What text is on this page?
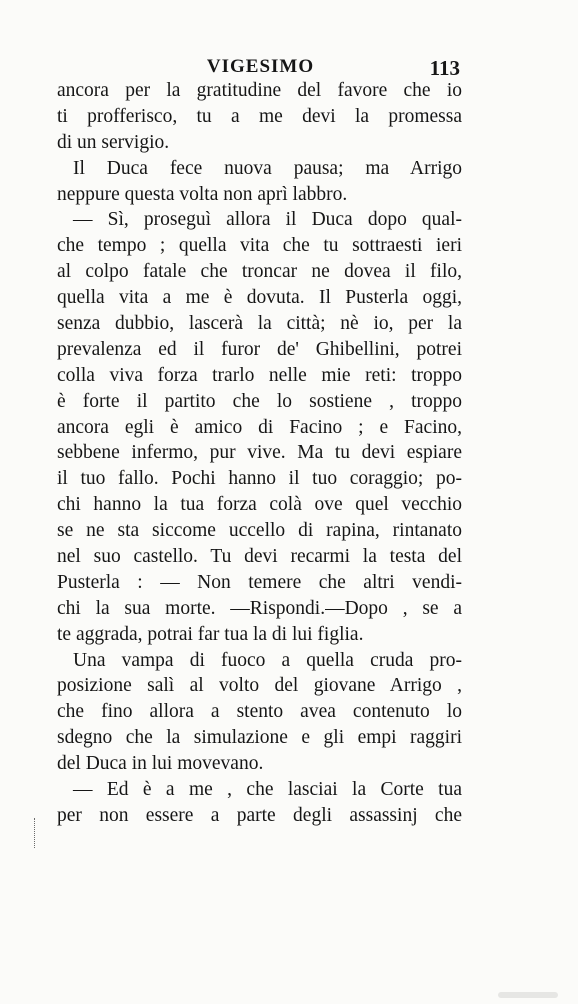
VIGESIMO	113
ancora per la gratitudine del favore che io
ti profferisco, tu a me devi la promessa
di un servigio.
Il Duca fece nuova pausa; ma Arrigo
neppure questa volta non aprì labbro.
— Sì, proseguì allora il Duca dopo qual-
che tempo ; quella vita che tu sottraesti ieri
al colpo fatale che troncar ne dovea il filo,
quella vita a me è dovuta. Il Pusterla oggi,
senza dubbio, lascerà la città; nè io, per la
prevalenza ed il furor de' Ghibellini, potrei
colla viva forza trarlo nelle mie reti: troppo
è forte il partito che lo sostiene , troppo
ancora egli è amico di Facino ; e Facino,
sebbene infermo, pur vive. Ma tu devi espiare
il tuo fallo. Pochi hanno il tuo coraggio; po-
chi hanno la tua forza colà ove quel vecchio
se ne sta siccome uccello di rapina, rintanato
nel suo castello. Tu devi recarmi la testa del
Pusterla : — Non temere che altri vendi-
chi la sua morte. —Rispondi.—Dopo , se a
te aggrada, potrai far tua la di lui figlia.
Una vampa di fuoco a quella cruda pro-
posizione salì al volto del giovane Arrigo ,
che fino allora a stento avea contenuto lo
sdegno che la simulazione e gli empi raggiri
del Duca in lui movevano.
— Ed è a me , che lasciai la Corte tua
per non essere a parte degli assassinj che
